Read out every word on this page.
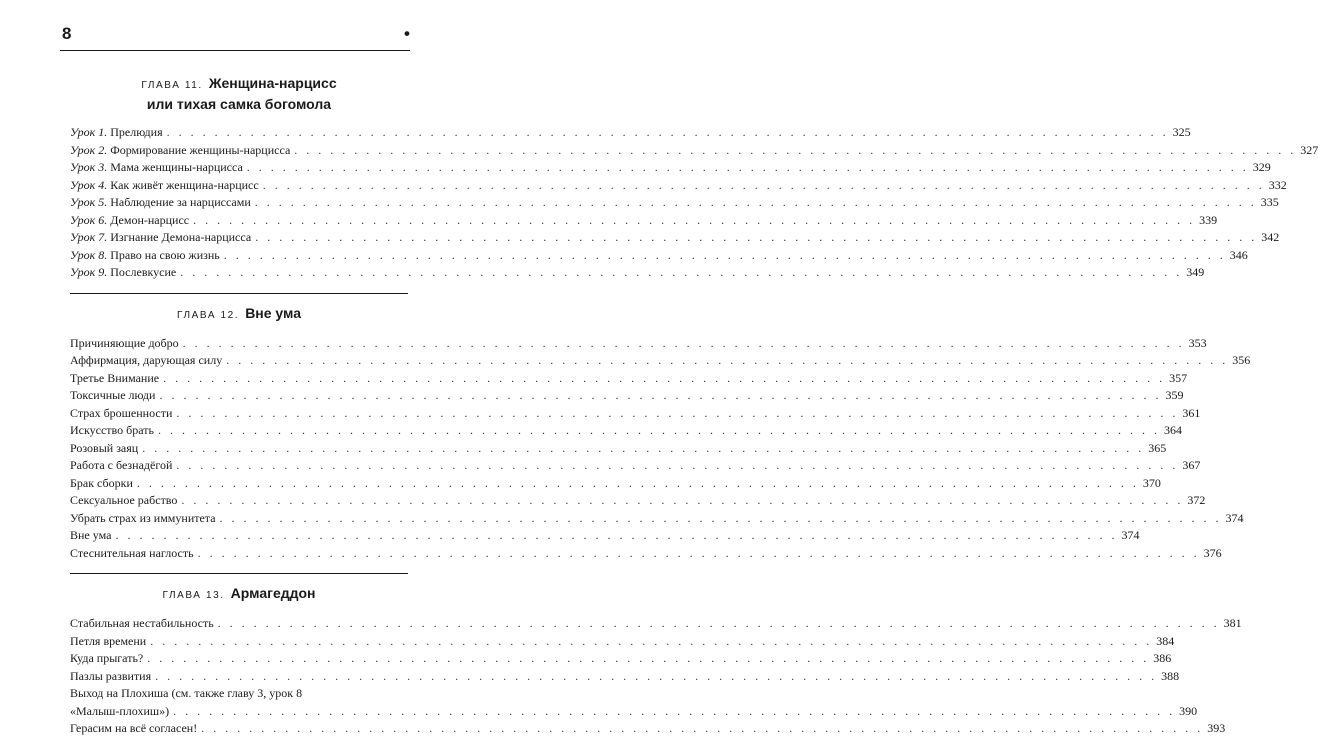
8	•
ГЛАВА 11. Женщина-нарцисс
или тихая самка богомола
Урок 1. Прелюдия . . .	325
Урок 2. Формирование женщины-нарцисса . . .	327
Урок 3. Мама женщины-нарцисса . . .	329
Урок 4. Как живёт женщина-нарцисс . . .	332
Урок 5. Наблюдение за нарциссами . . .	335
Урок 6. Демон-нарцисс . . .	339
Урок 7. Изгнание Демона-нарцисса . . .	342
Урок 8. Право на свою жизнь . . .	346
Урок 9. Послевкусие . . .	349
ГЛАВА 12. Вне ума
Причиняющие добро . . .	353
Аффирмация, дарующая силу . . .	356
Третье Внимание . . .	357
Токсичные люди . . .	359
Страх брошенности . . .	361
Искусство брать . . .	364
Розовый заяц . . .	365
Работа с безнадёгой . . .	367
Брак сборки . . .	370
Сексуальное рабство . . .	372
Убрать страх из иммунитета . . .	374
Вне ума . . .	374
Стеснительная наглость . . .	376
ГЛАВА 13. Армагеддон
Стабильная нестабильность . . .	381
Петля времени . . .	384
Куда прыгать? . . .	386
Пазлы развития . . .	388
Выход на Плохиша (см. также главу 3, урок 8
«Малыш-плохиш») . . .	390
Герасим на всё согласен! . . .	393
